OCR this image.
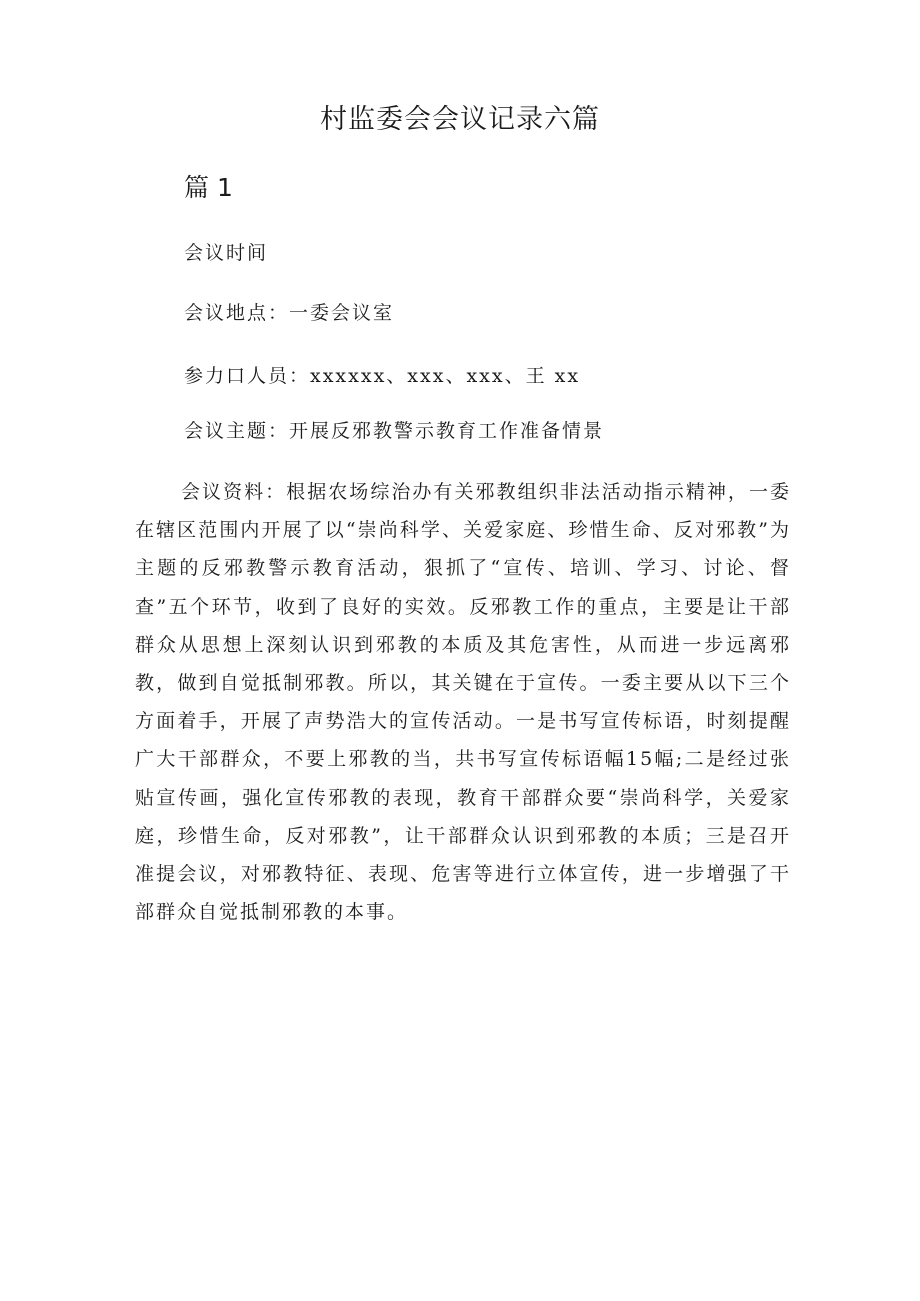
村监委会会议记录六篇
篇 1
会议时间
会议地点：一委会议室
参力口人员：xxxxxx、xxx、xxx、王 xx
会议主题：开展反邪教警示教育工作准备情景

会议资料：根据农场综治办有关邪教组织非法活动指示精神，一委在辖区范围内开展了以“崇尚科学、关爱家庭、珍惜生命、反对邪教”为主题的反邪教警示教育活动，狠抓了“宣传、培训、学习、讨论、督查”五个环节，收到了良好的实效。反邪教工作的重点，主要是让干部群众从思想上深刻认识到邪教的本质及其危害性，从而进一步远离邪教，做到自觉抵制邪教。所以，其关键在于宣传。一委主要从以下三个方面着手，开展了声势浩大的宣传活动。一是书写宣传标语，时刻提醒广大干部群众，不要上邪教的当，共书写宣传标语幅15幅;二是经过张贴宣传画，强化宣传邪教的表现，教育干部群众要“崇尚科学，关爱家庭，珍惜生命，反对邪教”，让干部群众认识到邪教的本质；三是召开准提会议，对邪教特征、表现、危害等进行立体宣传，进一步增强了干部群众自觉抵制邪教的本事。
